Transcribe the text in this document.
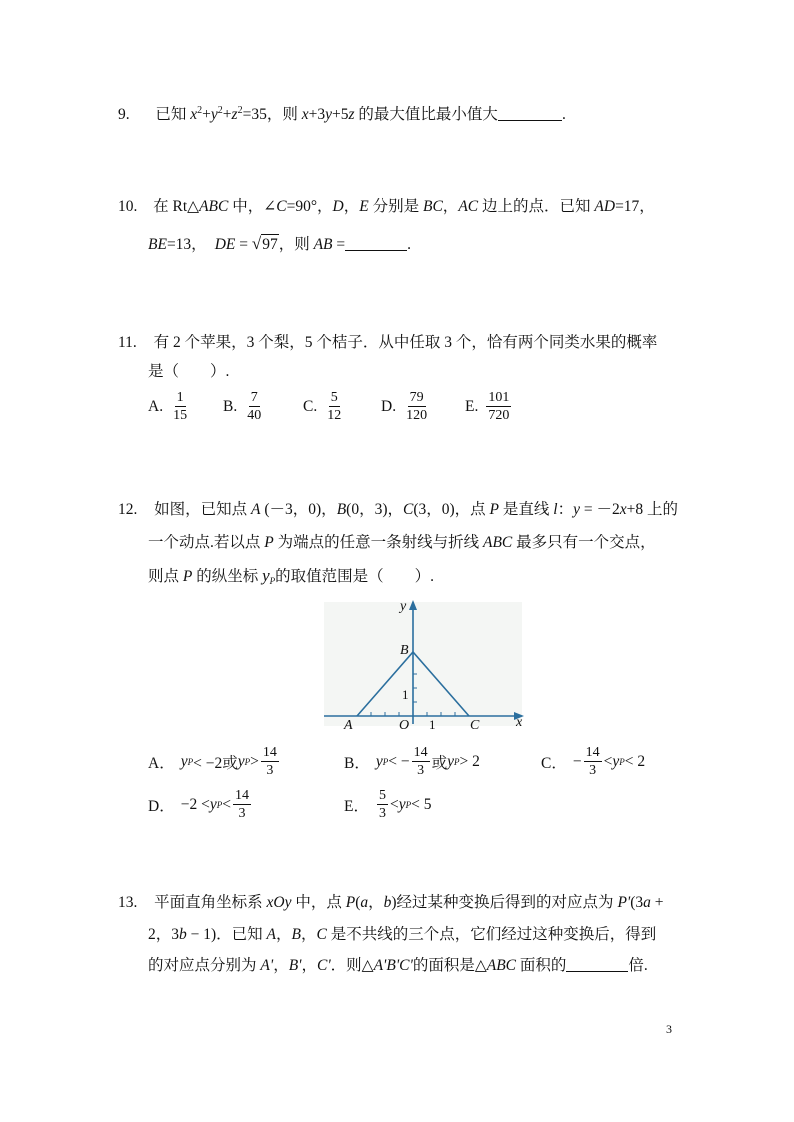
9. 已知 $x^2+y^2+z^2=35$，则 x+3y+5z 的最大值比最小值大	.
10. 在 Rt△ABC 中，∠C=90°，D，E 分别是 BC，AC 边上的点．已知 AD=17，
BE=13， DE = √97，则 AB =	.
11. 有 2 个苹果，3 个梨，5 个桔子．从中任取 3 个，恰有两个同类水果的概率
是（　　）.
A. $\frac{1}{15} B$. $\frac{7}{40}$	C. $\frac{5}{12} D$. $\frac{79}{120} E$. $\frac{101}{720}$
12. 如图，已知点 A (－3，0)，B(0，3)，C(3，0)，点 P 是直线 l：y = －2x+8 上的
一个动点.若以点 P 为端点的任意一条射线与折线 ABC 最多只有一个交点，
则点 P 的纵坐标 $y_P$的取值范围是（　　）.
y
x
B
A	C
O 1
1
A． y P < −2或 y $P > \frac{14}{3}$	B． y P < − $\frac{14}{3}$ 或 y P > 2	C． − $\frac{14}{3} < y$ P < 2
D． −2 < y $P < \frac{14}{3}$	E． $\frac{5}{3} < y$ P < 5
13. 平面直角坐标系 xOy 中，点 P(a，b)经过某种变换后得到的对应点为 P'(3a +
2，3b − 1)．已知 A，B，C 是不共线的三个点，它们经过这种变换后，得到
的对应点分别为 A'，B'，C'．则△A'B'C'的面积是△ABC 面积的	倍.
3
